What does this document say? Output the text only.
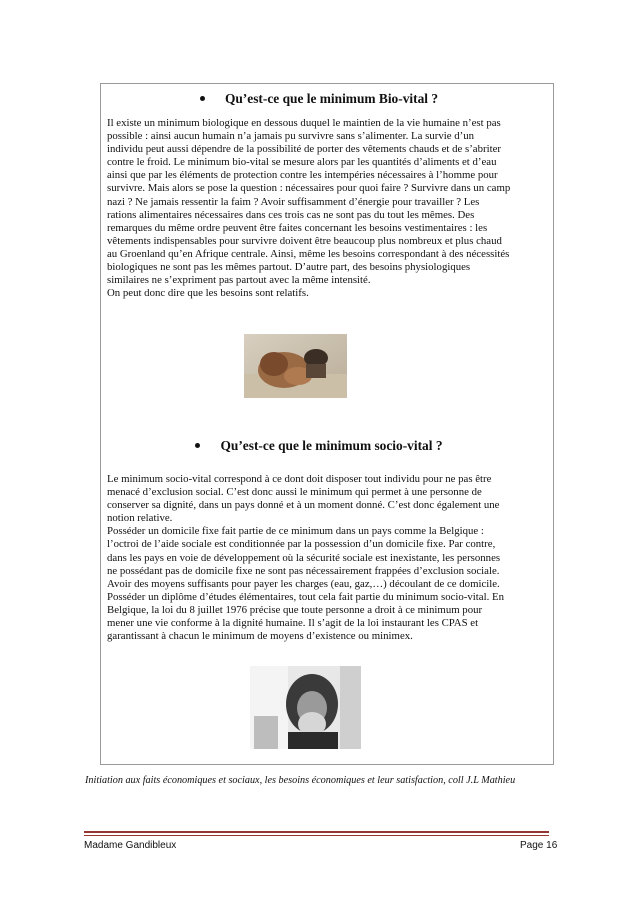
Qu’est-ce que le minimum Bio-vital ?

Il existe un minimum biologique en dessous duquel le maintien de la vie humaine n’est pas

possible : ainsi aucun humain n’a jamais pu survivre sans s’alimenter. La survie d’un

individu peut aussi dépendre de la possibilité de porter des vêtements chauds et de s’abriter

contre le froid. Le minimum bio-vital se mesure alors par les quantités d’aliments et d’eau

ainsi que par les éléments de protection contre les intempéries nécessaires à l’homme pour

survivre. Mais alors se pose la question : nécessaires pour quoi faire ? Survivre dans un camp

nazi ? Ne jamais ressentir la faim ? Avoir suffisamment d’énergie pour travailler ? Les

rations alimentaires nécessaires dans ces trois cas ne sont pas du tout les mêmes. Des

remarques du même ordre peuvent être faites concernant les besoins vestimentaires : les

vêtements indispensables pour survivre doivent être beaucoup plus nombreux et plus chaud

au Groenland qu’en Afrique centrale. Ainsi, même les besoins correspondant à des nécessités

biologiques ne sont pas les mêmes partout. D’autre part, des besoins physiologiques

similaires ne s’expriment pas partout avec la même intensité.

On peut donc dire que les besoins sont relatifs.

Qu’est-ce que le minimum socio-vital ?

Le minimum socio-vital correspond à ce dont doit disposer tout individu pour ne pas être

menacé d’exclusion social. C’est donc aussi le minimum qui permet à une personne de

conserver sa dignité, dans un pays donné et à un moment donné. C’est donc également une

notion relative.

Posséder un domicile fixe fait partie de ce minimum dans un pays comme la Belgique :

l’octroi de l’aide sociale est conditionnée par la possession d’un domicile fixe. Par contre,

dans les pays en voie de développement où la sécurité sociale est inexistante, les personnes

ne possédant pas de domicile fixe ne sont pas nécessairement frappées d’exclusion sociale.

Avoir des moyens suffisants pour payer les charges (eau, gaz,…) découlant de ce domicile.

Posséder un diplôme d’études élémentaires, tout cela fait partie du minimum socio-vital. En

Belgique, la loi du 8 juillet 1976 précise que toute personne a droit à ce minimum pour

mener une vie conforme à la dignité humaine. Il s’agit de la loi instaurant les CPAS et

garantissant à chacun le minimum de moyens d’existence ou minimex.

Initiation aux faits économiques et sociaux, les besoins économiques et leur satisfaction, coll J.L Mathieu
Madame Gandibleux	Page 16
